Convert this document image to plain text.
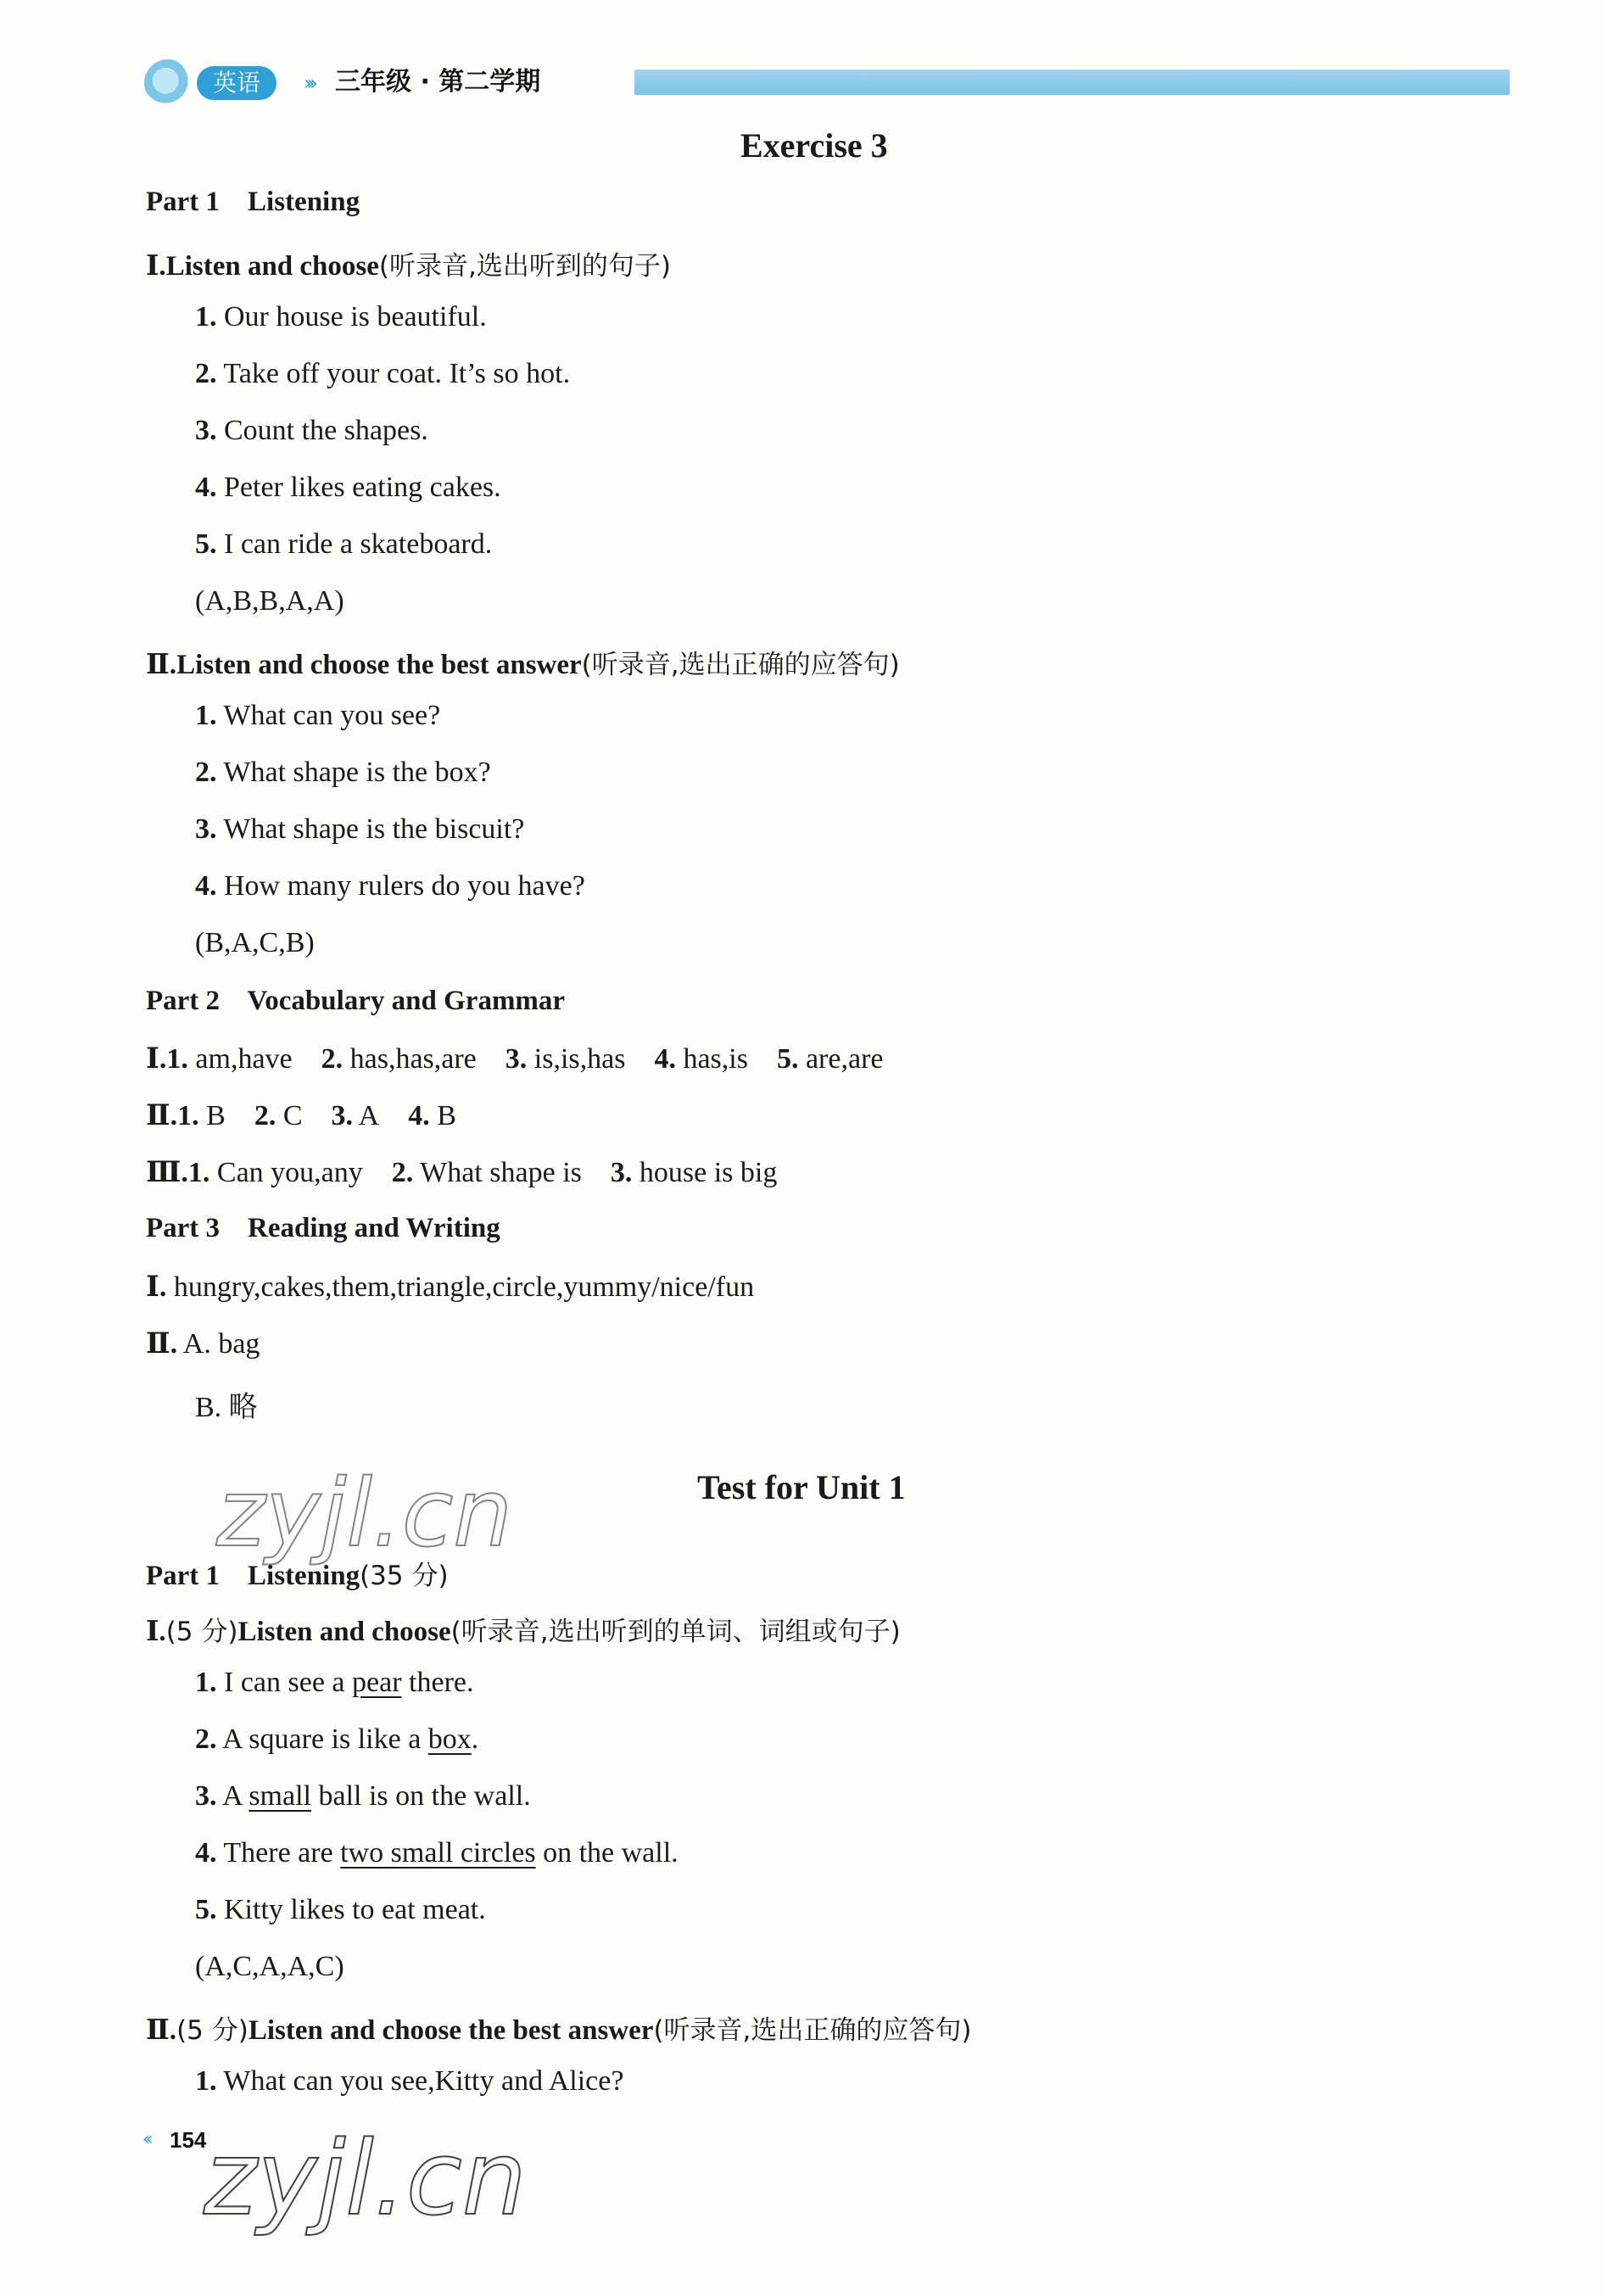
英语	››› 三年级 · 第二学期
Exercise 3
Part 1    Listening
Ⅰ.Listen and choose(听录音,选出听到的句子)
1. Our house is beautiful.
2. Take off your coat. It’s so hot.
3. Count the shapes.
4. Peter likes eating cakes.
5. I can ride a skateboard.
(A,B,B,A,A)
Ⅱ.Listen and choose the best answer(听录音,选出正确的应答句)
1. What can you see?
2. What shape is the box?
3. What shape is the biscuit?
4. How many rulers do you have?
(B,A,C,B)
Part 2    Vocabulary and Grammar
Ⅰ.1. am,have 2. has,has,are 3. is,is,has 4. has,is 5. are,are
Ⅱ.1. B 2. C 3. A 4. B
Ⅲ.1. Can you,any 2. What shape is 3. house is big
Part 3    Reading and Writing
Ⅰ. hungry,cakes,them,triangle,circle,yummy/nice/fun
Ⅱ. A. bag
B. 略
Test for Unit 1
Part 1    Listening(35 分)
Ⅰ.(5 分)Listen and choose(听录音,选出听到的单词、词组或句子)
1. I can see a pear there.
2. A square is like a box.
3. A small ball is on the wall.
4. There are two small circles on the wall.
5. Kitty likes to eat meat.
(A,C,A,A,C)
Ⅱ.(5 分)Listen and choose the best answer(听录音,选出正确的应答句)
1. What can you see,Kitty and Alice?
‹‹ 154
zyjl.cn
zyjl.cn
